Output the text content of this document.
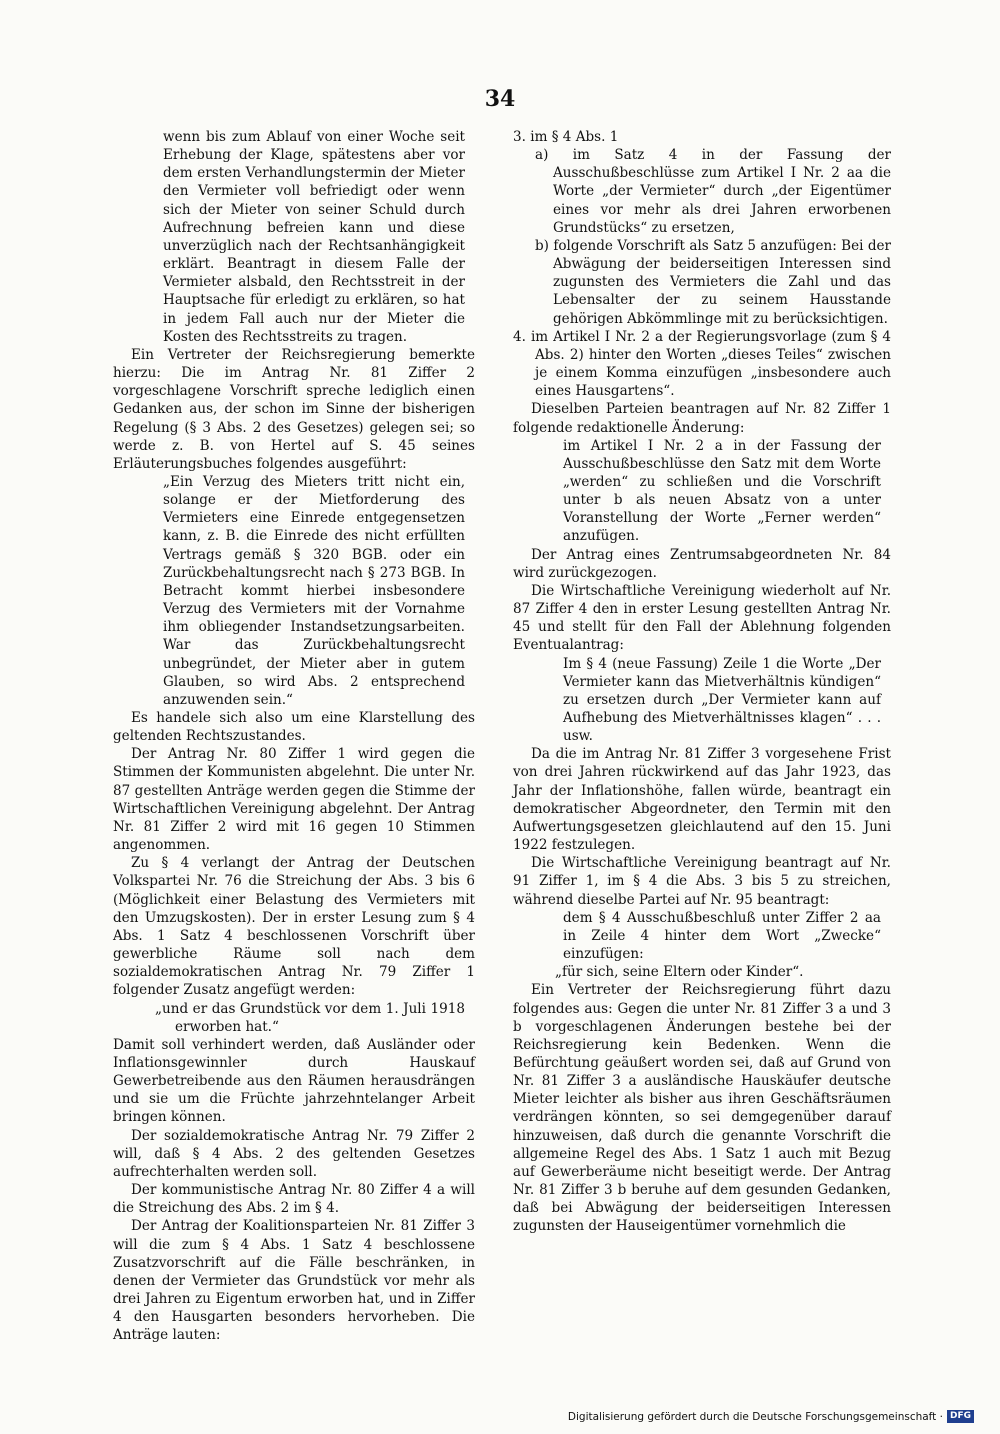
34

wenn bis zum Ablauf von einer Woche seit Erhebung der Klage, spätestens aber vor dem ersten Verhandlungstermin der Mieter den Vermieter voll befriedigt oder wenn sich der Mieter von seiner Schuld durch Aufrechnung befreien kann und diese unverzüglich nach der Rechtsanhängigkeit erklärt. Beantragt in diesem Falle der Vermieter alsbald, den Rechtsstreit in der Hauptsache für erledigt zu erklären, so hat in jedem Fall auch nur der Mieter die Kosten des Rechtsstreits zu tragen.

Ein Vertreter der Reichsregierung bemerkte hierzu: Die im Antrag Nr. 81 Ziffer 2 vorgeschlagene Vorschrift spreche lediglich einen Gedanken aus, der schon im Sinne der bisherigen Regelung (§ 3 Abs. 2 des Gesetzes) gelegen sei; so werde z. B. von Hertel auf S. 45 seines Erläuterungsbuches folgendes ausgeführt:

„Ein Verzug des Mieters tritt nicht ein, solange er der Mietforderung des Vermieters eine Einrede entgegensetzen kann, z. B. die Einrede des nicht erfüllten Vertrags gemäß § 320 BGB. oder ein Zurückbehaltungsrecht nach § 273 BGB. In Betracht kommt hierbei insbesondere Verzug des Vermieters mit der Vornahme ihm obliegender Instandsetzungsarbeiten. War das Zurückbehaltungsrecht unbegründet, der Mieter aber in gutem Glauben, so wird Abs. 2 entsprechend anzuwenden sein.“

Es handele sich also um eine Klarstellung des geltenden Rechtszustandes.

Der Antrag Nr. 80 Ziffer 1 wird gegen die Stimmen der Kommunisten abgelehnt. Die unter Nr. 87 gestellten Anträge werden gegen die Stimme der Wirtschaftlichen Vereinigung abgelehnt. Der Antrag Nr. 81 Ziffer 2 wird mit 16 gegen 10 Stimmen angenommen.

Zu § 4 verlangt der Antrag der Deutschen Volkspartei Nr. 76 die Streichung der Abs. 3 bis 6 (Möglichkeit einer Belastung des Vermieters mit den Umzugskosten). Der in erster Lesung zum § 4 Abs. 1 Satz 4 beschlossenen Vorschrift über gewerbliche Räume soll nach dem sozialdemokratischen Antrag Nr. 79 Ziffer 1 folgender Zusatz angefügt werden:

„und er das Grundstück vor dem 1. Juli 1918 erworben hat.“

Damit soll verhindert werden, daß Ausländer oder Inflationsgewinnler durch Hauskauf Gewerbetreibende aus den Räumen herausdrängen und sie um die Früchte jahrzehntelanger Arbeit bringen können.

Der sozialdemokratische Antrag Nr. 79 Ziffer 2 will, daß § 4 Abs. 2 des geltenden Gesetzes aufrechterhalten werden soll.

Der kommunistische Antrag Nr. 80 Ziffer 4 a will die Streichung des Abs. 2 im § 4.

Der Antrag der Koalitionsparteien Nr. 81 Ziffer 3 will die zum § 4 Abs. 1 Satz 4 beschlossene Zusatzvorschrift auf die Fälle beschränken, in denen der Vermieter das Grundstück vor mehr als drei Jahren zu Eigentum erworben hat, und in Ziffer 4 den Hausgarten besonders hervorheben. Die Anträge lauten:

3. im § 4 Abs. 1

a) im Satz 4 in der Fassung der Ausschußbeschlüsse zum Artikel I Nr. 2 aa die Worte „der Vermieter“ durch „der Eigentümer eines vor mehr als drei Jahren erworbenen Grundstücks“ zu ersetzen,

b) folgende Vorschrift als Satz 5 anzufügen: Bei der Abwägung der beiderseitigen Interessen sind zugunsten des Vermieters die Zahl und das Lebensalter der zu seinem Hausstande gehörigen Abkömmlinge mit zu berücksichtigen.

4. im Artikel I Nr. 2 a der Regierungsvorlage (zum § 4 Abs. 2) hinter den Worten „dieses Teiles“ zwischen je einem Komma einzufügen „insbesondere auch eines Hausgartens“.

Dieselben Parteien beantragen auf Nr. 82 Ziffer 1 folgende redaktionelle Änderung:

im Artikel I Nr. 2 a in der Fassung der Ausschußbeschlüsse den Satz mit dem Worte „werden“ zu schließen und die Vorschrift unter b als neuen Absatz von a unter Voranstellung der Worte „Ferner werden“ anzufügen.

Der Antrag eines Zentrumsabgeordneten Nr. 84 wird zurückgezogen.

Die Wirtschaftliche Vereinigung wiederholt auf Nr. 87 Ziffer 4 den in erster Lesung gestellten Antrag Nr. 45 und stellt für den Fall der Ablehnung folgenden Eventualantrag:

Im § 4 (neue Fassung) Zeile 1 die Worte „Der Vermieter kann das Mietverhältnis kündigen“ zu ersetzen durch „Der Vermieter kann auf Aufhebung des Mietverhältnisses klagen“ . . . usw.

Da die im Antrag Nr. 81 Ziffer 3 vorgesehene Frist von drei Jahren rückwirkend auf das Jahr 1923, das Jahr der Inflationshöhe, fallen würde, beantragt ein demokratischer Abgeordneter, den Termin mit den Aufwertungsgesetzen gleichlautend auf den 15. Juni 1922 festzulegen.

Die Wirtschaftliche Vereinigung beantragt auf Nr. 91 Ziffer 1, im § 4 die Abs. 3 bis 5 zu streichen, während dieselbe Partei auf Nr. 95 beantragt:

dem § 4 Ausschußbeschluß unter Ziffer 2 aa in Zeile 4 hinter dem Wort „Zwecke“ einzufügen:

„für sich, seine Eltern oder Kinder“.

Ein Vertreter der Reichsregierung führt dazu folgendes aus: Gegen die unter Nr. 81 Ziffer 3 a und 3 b vorgeschlagenen Änderungen bestehe bei der Reichsregierung kein Bedenken. Wenn die Befürchtung geäußert worden sei, daß auf Grund von Nr. 81 Ziffer 3 a ausländische Hauskäufer deutsche Mieter leichter als bisher aus ihren Geschäftsräumen verdrängen könnten, so sei demgegenüber darauf hinzuweisen, daß durch die genannte Vorschrift die allgemeine Regel des Abs. 1 Satz 1 auch mit Bezug auf Gewerberäume nicht beseitigt werde. Der Antrag Nr. 81 Ziffer 3 b beruhe auf dem gesunden Gedanken, daß bei Abwägung der beiderseitigen Interessen zugunsten der Hauseigentümer vornehmlich die

Digitalisierung gefördert durch die Deutsche Forschungsgemeinschaft · DFG
